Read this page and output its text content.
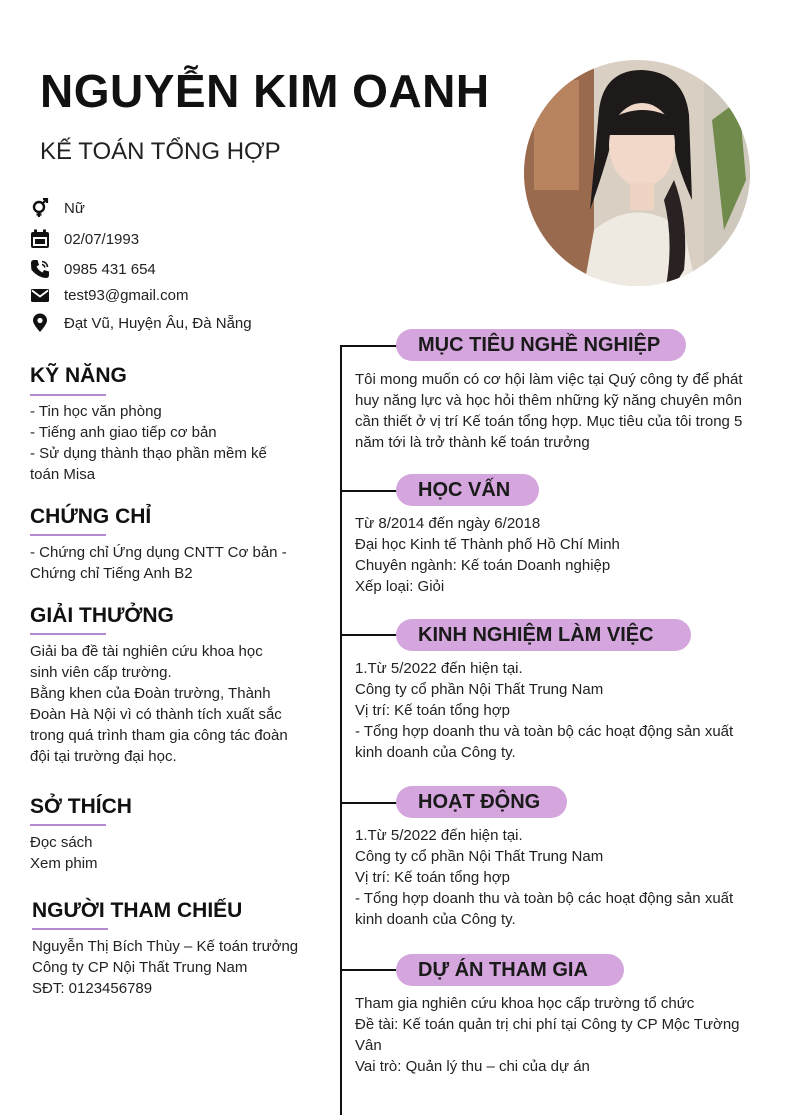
NGUYỄN KIM OANH
KẾ TOÁN TỔNG HỢP
Nữ
02/07/1993
0985 431 654
test93@gmail.com
Đạt Vũ, Huyện Âu, Đà Nẵng
KỸ NĂNG
- Tin học văn phòng
- Tiếng anh giao tiếp cơ bản
- Sử dụng thành thạo phần mềm kế
toán Misa
CHỨNG CHỈ
- Chứng chỉ Ứng dụng CNTT Cơ bản -
Chứng chỉ Tiếng Anh B2
GIẢI THƯỞNG
Giải ba đề tài nghiên cứu khoa học
sinh viên cấp trường.
Bằng khen của Đoàn trường, Thành
Đoàn Hà Nội vì có thành tích xuất sắc
trong quá trình tham gia công tác đoàn
đội tại trường đại học.
SỞ THÍCH
Đọc sách
Xem phim
NGƯỜI THAM CHIẾU
Nguyễn Thị Bích Thùy – Kế toán trưởng
Công ty CP Nội Thất Trung Nam
SĐT: 0123456789
MỤC TIÊU NGHỀ NGHIỆP
Tôi mong muốn có cơ hội làm việc tại Quý công ty để phát
huy năng lực và học hỏi thêm những kỹ năng chuyên môn
cần thiết ở vị trí Kế toán tổng hợp. Mục tiêu của tôi trong 5
năm tới là trở thành kế toán trưởng
HỌC VẤN
Từ 8/2014 đến ngày 6/2018
Đại học Kinh tế Thành phố Hồ Chí Minh
Chuyên ngành: Kế toán Doanh nghiệp
Xếp loại: Giỏi
KINH NGHIỆM LÀM VIỆC
1.Từ 5/2022 đến hiện tại.
Công ty cổ phần Nội Thất Trung Nam
Vị trí: Kế toán tổng hợp
- Tổng hợp doanh thu và toàn bộ các hoạt động sản xuất
kinh doanh của Công ty.
HOẠT ĐỘNG
1.Từ 5/2022 đến hiện tại.
Công ty cổ phần Nội Thất Trung Nam
Vị trí: Kế toán tổng hợp
- Tổng hợp doanh thu và toàn bộ các hoạt động sản xuất
kinh doanh của Công ty.
DỰ ÁN THAM GIA
Tham gia nghiên cứu khoa học cấp trường tổ chức
Đề tài: Kế toán quản trị chi phí tại Công ty CP Mộc Tường
Vân
Vai trò: Quản lý thu – chi của dự án
